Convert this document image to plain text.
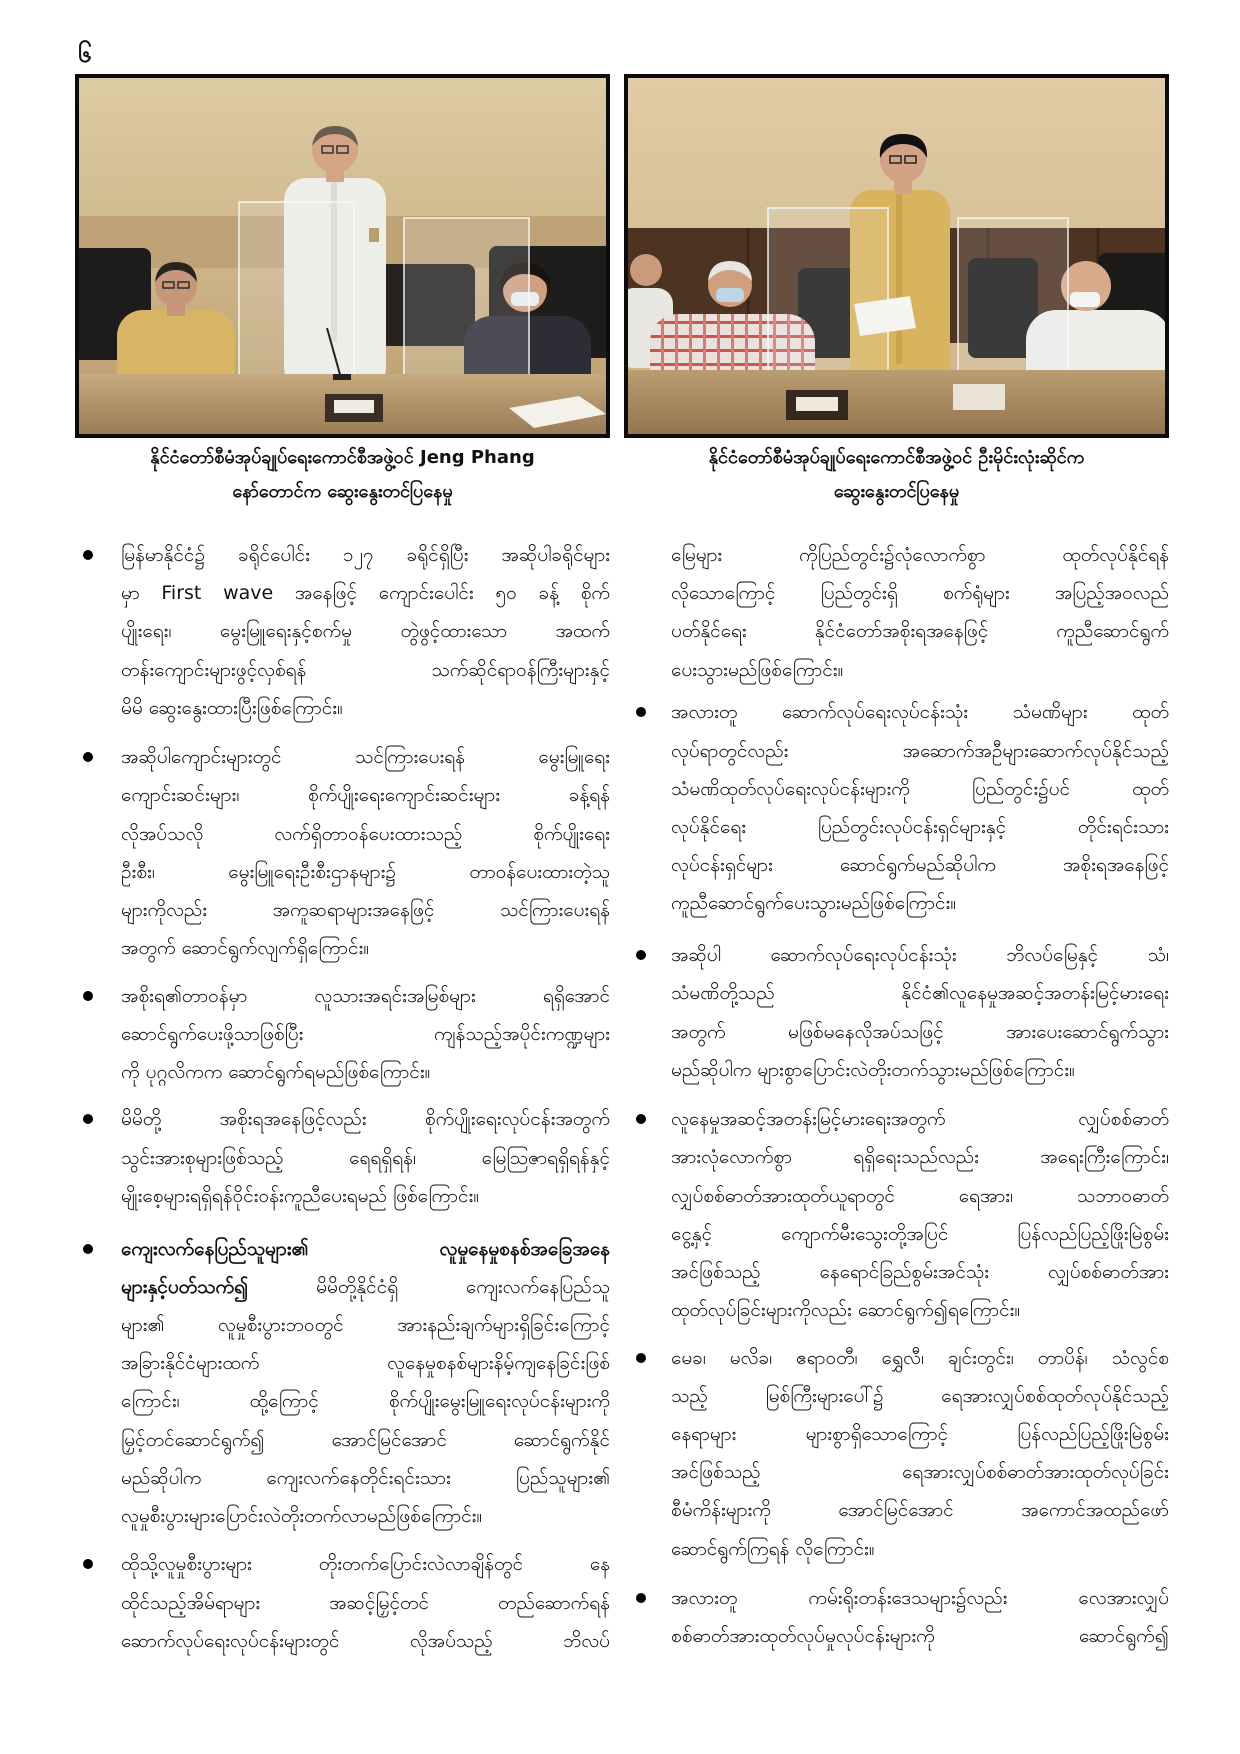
၆
နိုင်ငံတော်စီမံအုပ်ချုပ်ရေးကောင်စီအဖွဲ့ဝင် Jeng Phang
နော်တောင်က ဆွေးနွေးတင်ပြနေမှု
နိုင်ငံတော်စီမံအုပ်ချုပ်ရေးကောင်စီအဖွဲ့ဝင် ဦးမိုင်းလုံးဆိုင်က
ဆွေးနွေးတင်ပြနေမှု
မြန်မာနိုင်ငံ၌ ခရိုင်ပေါင်း ၁၂၇ ခရိုင်ရှိပြီး အဆိုပါခရိုင်များ
မှာ First wave အနေဖြင့် ကျောင်းပေါင်း ၅၀ ခန့် စိုက်
ပျိုးရေး၊ မွေးမြူရေးနှင့်စက်မှု တွဲဖွင့်ထားသော အထက်
တန်းကျောင်းများဖွင့်လှစ်ရန် သက်ဆိုင်ရာဝန်ကြီးများနှင့်
မိမိ ဆွေးနွေးထားပြီးဖြစ်ကြောင်း။
အဆိုပါကျောင်းများတွင် သင်ကြားပေးရန် မွေးမြူရေး
ကျောင်းဆင်းများ၊ စိုက်ပျိုးရေးကျောင်းဆင်းများ ခန့်ရန်
လိုအပ်သလို လက်ရှိတာဝန်ပေးထားသည့် စိုက်ပျိုးရေး
ဦးစီး၊ မွေးမြူရေးဦးစီးဌာနများ၌ တာဝန်ပေးထားတဲ့သူ
များကိုလည်း အကူဆရာများအနေဖြင့် သင်ကြားပေးရန်
အတွက် ဆောင်ရွက်လျက်ရှိကြောင်း။
အစိုးရ၏တာဝန်မှာ လူသားအရင်းအမြစ်များ ရရှိအောင်
ဆောင်ရွက်ပေးဖို့သာဖြစ်ပြီး ကျန်သည့်အပိုင်းကဏ္ဍများ
ကို ပုဂ္ဂလိကက ဆောင်ရွက်ရမည်ဖြစ်ကြောင်း။
မိမိတို့ အစိုးရအနေဖြင့်လည်း စိုက်ပျိုးရေးလုပ်ငန်းအတွက်
သွင်းအားစုများဖြစ်သည့် ရေရရှိရန်၊ မြေဩဇာရရှိရန်နှင့်
မျိုးစေ့များရရှိရန်ဝိုင်းဝန်းကူညီပေးရမည် ဖြစ်ကြောင်း။
ကျေးလက်နေပြည်သူများ၏ လူမှုနေမှုစနစ်အခြေအနေ
များနှင့်ပတ်သက်၍	မိမိတို့နိုင်ငံရှိ ကျေးလက်နေပြည်သူ
များ၏ လူမှုစီးပွားဘဝတွင် အားနည်းချက်များရှိခြင်းကြောင့်
အခြားနိုင်ငံများထက် လူနေမှုစနစ်များနိမ့်ကျနေခြင်းဖြစ်
ကြောင်း၊ ထို့ကြောင့် စိုက်ပျိုးမွေးမြူရေးလုပ်ငန်းများကို
မြှင့်တင်ဆောင်ရွက်၍ အောင်မြင်အောင် ဆောင်ရွက်နိုင်
မည်ဆိုပါက ကျေးလက်နေတိုင်းရင်းသား ပြည်သူများ၏
လူမှုစီးပွားများပြောင်းလဲတိုးတက်လာမည်ဖြစ်ကြောင်း။
ထိုသို့လူမှုစီးပွားများ တိုးတက်ပြောင်းလဲလာချိန်တွင် နေ
ထိုင်သည့်အိမ်ရာများ အဆင့်မြှင့်တင် တည်ဆောက်ရန်
ဆောက်လုပ်ရေးလုပ်ငန်းများတွင် လိုအပ်သည့် ဘိလပ်
မြေများ ကိုပြည်တွင်း၌လုံလောက်စွာ ထုတ်လုပ်နိုင်ရန်
လိုသောကြောင့် ပြည်တွင်းရှိ စက်ရုံများ အပြည့်အဝလည်
ပတ်နိုင်ရေး နိုင်ငံတော်အစိုးရအနေဖြင့် ကူညီဆောင်ရွက်
ပေးသွားမည်ဖြစ်ကြောင်း။
အလားတူ ဆောက်လုပ်ရေးလုပ်ငန်းသုံး သံမဏိများ ထုတ်
လုပ်ရာတွင်လည်း အဆောက်အဦများဆောက်လုပ်နိုင်သည့်
သံမဏိထုတ်လုပ်ရေးလုပ်ငန်းများကို ပြည်တွင်း၌ပင် ထုတ်
လုပ်နိုင်ရေး ပြည်တွင်းလုပ်ငန်းရှင်များနှင့် တိုင်းရင်းသား
လုပ်ငန်းရှင်များ ဆောင်ရွက်မည်ဆိုပါက အစိုးရအနေဖြင့်
ကူညီဆောင်ရွက်ပေးသွားမည်ဖြစ်ကြောင်း။
အဆိုပါ ဆောက်လုပ်ရေးလုပ်ငန်းသုံး ဘိလပ်မြေနှင့် သံ၊
သံမဏိတို့သည် နိုင်ငံ၏လူနေမှုအဆင့်အတန်းမြင့်မားရေး
အတွက် မဖြစ်မနေလိုအပ်သဖြင့် အားပေးဆောင်ရွက်သွား
မည်ဆိုပါက များစွာပြောင်းလဲတိုးတက်သွားမည်ဖြစ်ကြောင်း။
လူနေမှုအဆင့်အတန်းမြင့်မားရေးအတွက် လျှပ်စစ်ဓာတ်
အားလုံလောက်စွာ ရရှိရေးသည်လည်း အရေးကြီးကြောင်း၊
လျှပ်စစ်ဓာတ်အားထုတ်ယူရာတွင် ရေအား၊ သဘာဝဓာတ်
ငွေ့နှင့် ကျောက်မီးသွေးတို့အပြင် ပြန်လည်ပြည့်ဖြိုးမြဲစွမ်း
အင်ဖြစ်သည့် နေရောင်ခြည်စွမ်းအင်သုံး လျှပ်စစ်ဓာတ်အား
ထုတ်လုပ်ခြင်းများကိုလည်း ဆောင်ရွက်၍ရကြောင်း။
မေခ၊ မလိခ၊ ဧရာဝတီ၊ ရွှေလီ၊ ချင်းတွင်း၊ တာပိန်၊ သံလွင်စ
သည့် မြစ်ကြီးများပေါ်၌ ရေအားလျှပ်စစ်ထုတ်လုပ်နိုင်သည့်
နေရာများ များစွာရှိသောကြောင့် ပြန်လည်ပြည့်ဖြိုးမြဲစွမ်း
အင်ဖြစ်သည့် ရေအားလျှပ်စစ်ဓာတ်အားထုတ်လုပ်ခြင်း
စီမံကိန်းများကို အောင်မြင်အောင် အကောင်အထည်ဖော်
ဆောင်ရွက်ကြရန် လိုကြောင်း။
အလားတူ ကမ်းရိုးတန်းဒေသများ၌လည်း လေအားလျှပ်
စစ်ဓာတ်အားထုတ်လုပ်မှုလုပ်ငန်းများကို ဆောင်ရွက်၍
